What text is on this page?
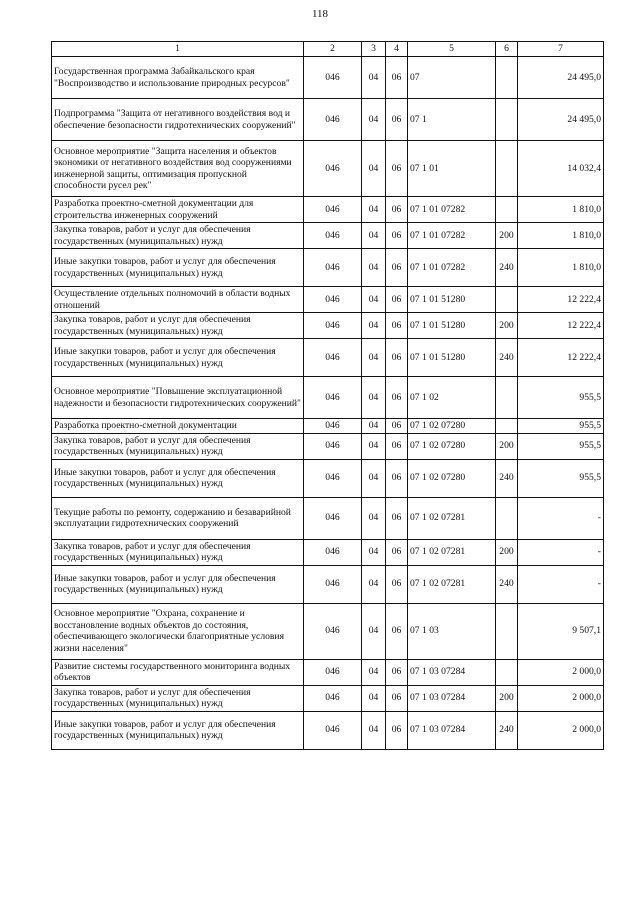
118
1	2	3	4	5	6	7
Государственная программа Забайкальского края "Воспроизводство и использование природных ресурсов"	046	04	06	07		24 495,0
Подпрограмма "Защита от негативного воздействия вод и обеспечение безопасности гидротехнических сооружений"	046	04	06	07 1		24 495,0
Основное мероприятие "Защита населения и объектов экономики от негативного воздействия вод сооружениями инженерной защиты, оптимизация пропускной способности русел рек"	046	04	06	07 1 01		14 032,4
Разработка проектно-сметной документации для строительства инженерных сооружений	046	04	06	07 1 01 07282		1 810,0
Закупка товаров, работ и услуг для обеспечения государственных (муниципальных) нужд	046	04	06	07 1 01 07282	200	1 810,0
Иные закупки товаров, работ и услуг для обеспечения государственных (муниципальных) нужд	046	04	06	07 1 01 07282	240	1 810,0
Осуществление отдельных полномочий в области водных отношений	046	04	06	07 1 01 51280		12 222,4
Закупка товаров, работ и услуг для обеспечения государственных (муниципальных) нужд	046	04	06	07 1 01 51280	200	12 222,4
Иные закупки товаров, работ и услуг для обеспечения государственных (муниципальных) нужд	046	04	06	07 1 01 51280	240	12 222,4
Основное мероприятие "Повышение эксплуатационной надежности и безопасности гидротехнических сооружений"	046	04	06	07 1 02		955,5
Разработка проектно-сметной документации	046	04	06	07 1 02 07280		955,5
Закупка товаров, работ и услуг для обеспечения государственных (муниципальных) нужд	046	04	06	07 1 02 07280	200	955,5
Иные закупки товаров, работ и услуг для обеспечения государственных (муниципальных) нужд	046	04	06	07 1 02 07280	240	955,5
Текущие работы по ремонту, содержанию и безаварийной эксплуатации гидротехнических сооружений	046	04	06	07 1 02 07281		-
Закупка товаров, работ и услуг для обеспечения государственных (муниципальных) нужд	046	04	06	07 1 02 07281	200	-
Иные закупки товаров, работ и услуг для обеспечения государственных (муниципальных) нужд	046	04	06	07 1 02 07281	240	-
Основное мероприятие "Охрана, сохранение и восстановление водных объектов до состояния, обеспечивающего экологически благоприятные условия жизни населения"	046	04	06	07 1 03		9 507,1
Развитие системы государственного мониторинга водных объектов	046	04	06	07 1 03 07284		2 000,0
Закупка товаров, работ и услуг для обеспечения государственных (муниципальных) нужд	046	04	06	07 1 03 07284	200	2 000,0
Иные закупки товаров, работ и услуг для обеспечения государственных (муниципальных) нужд	046	04	06	07 1 03 07284	240	2 000,0
